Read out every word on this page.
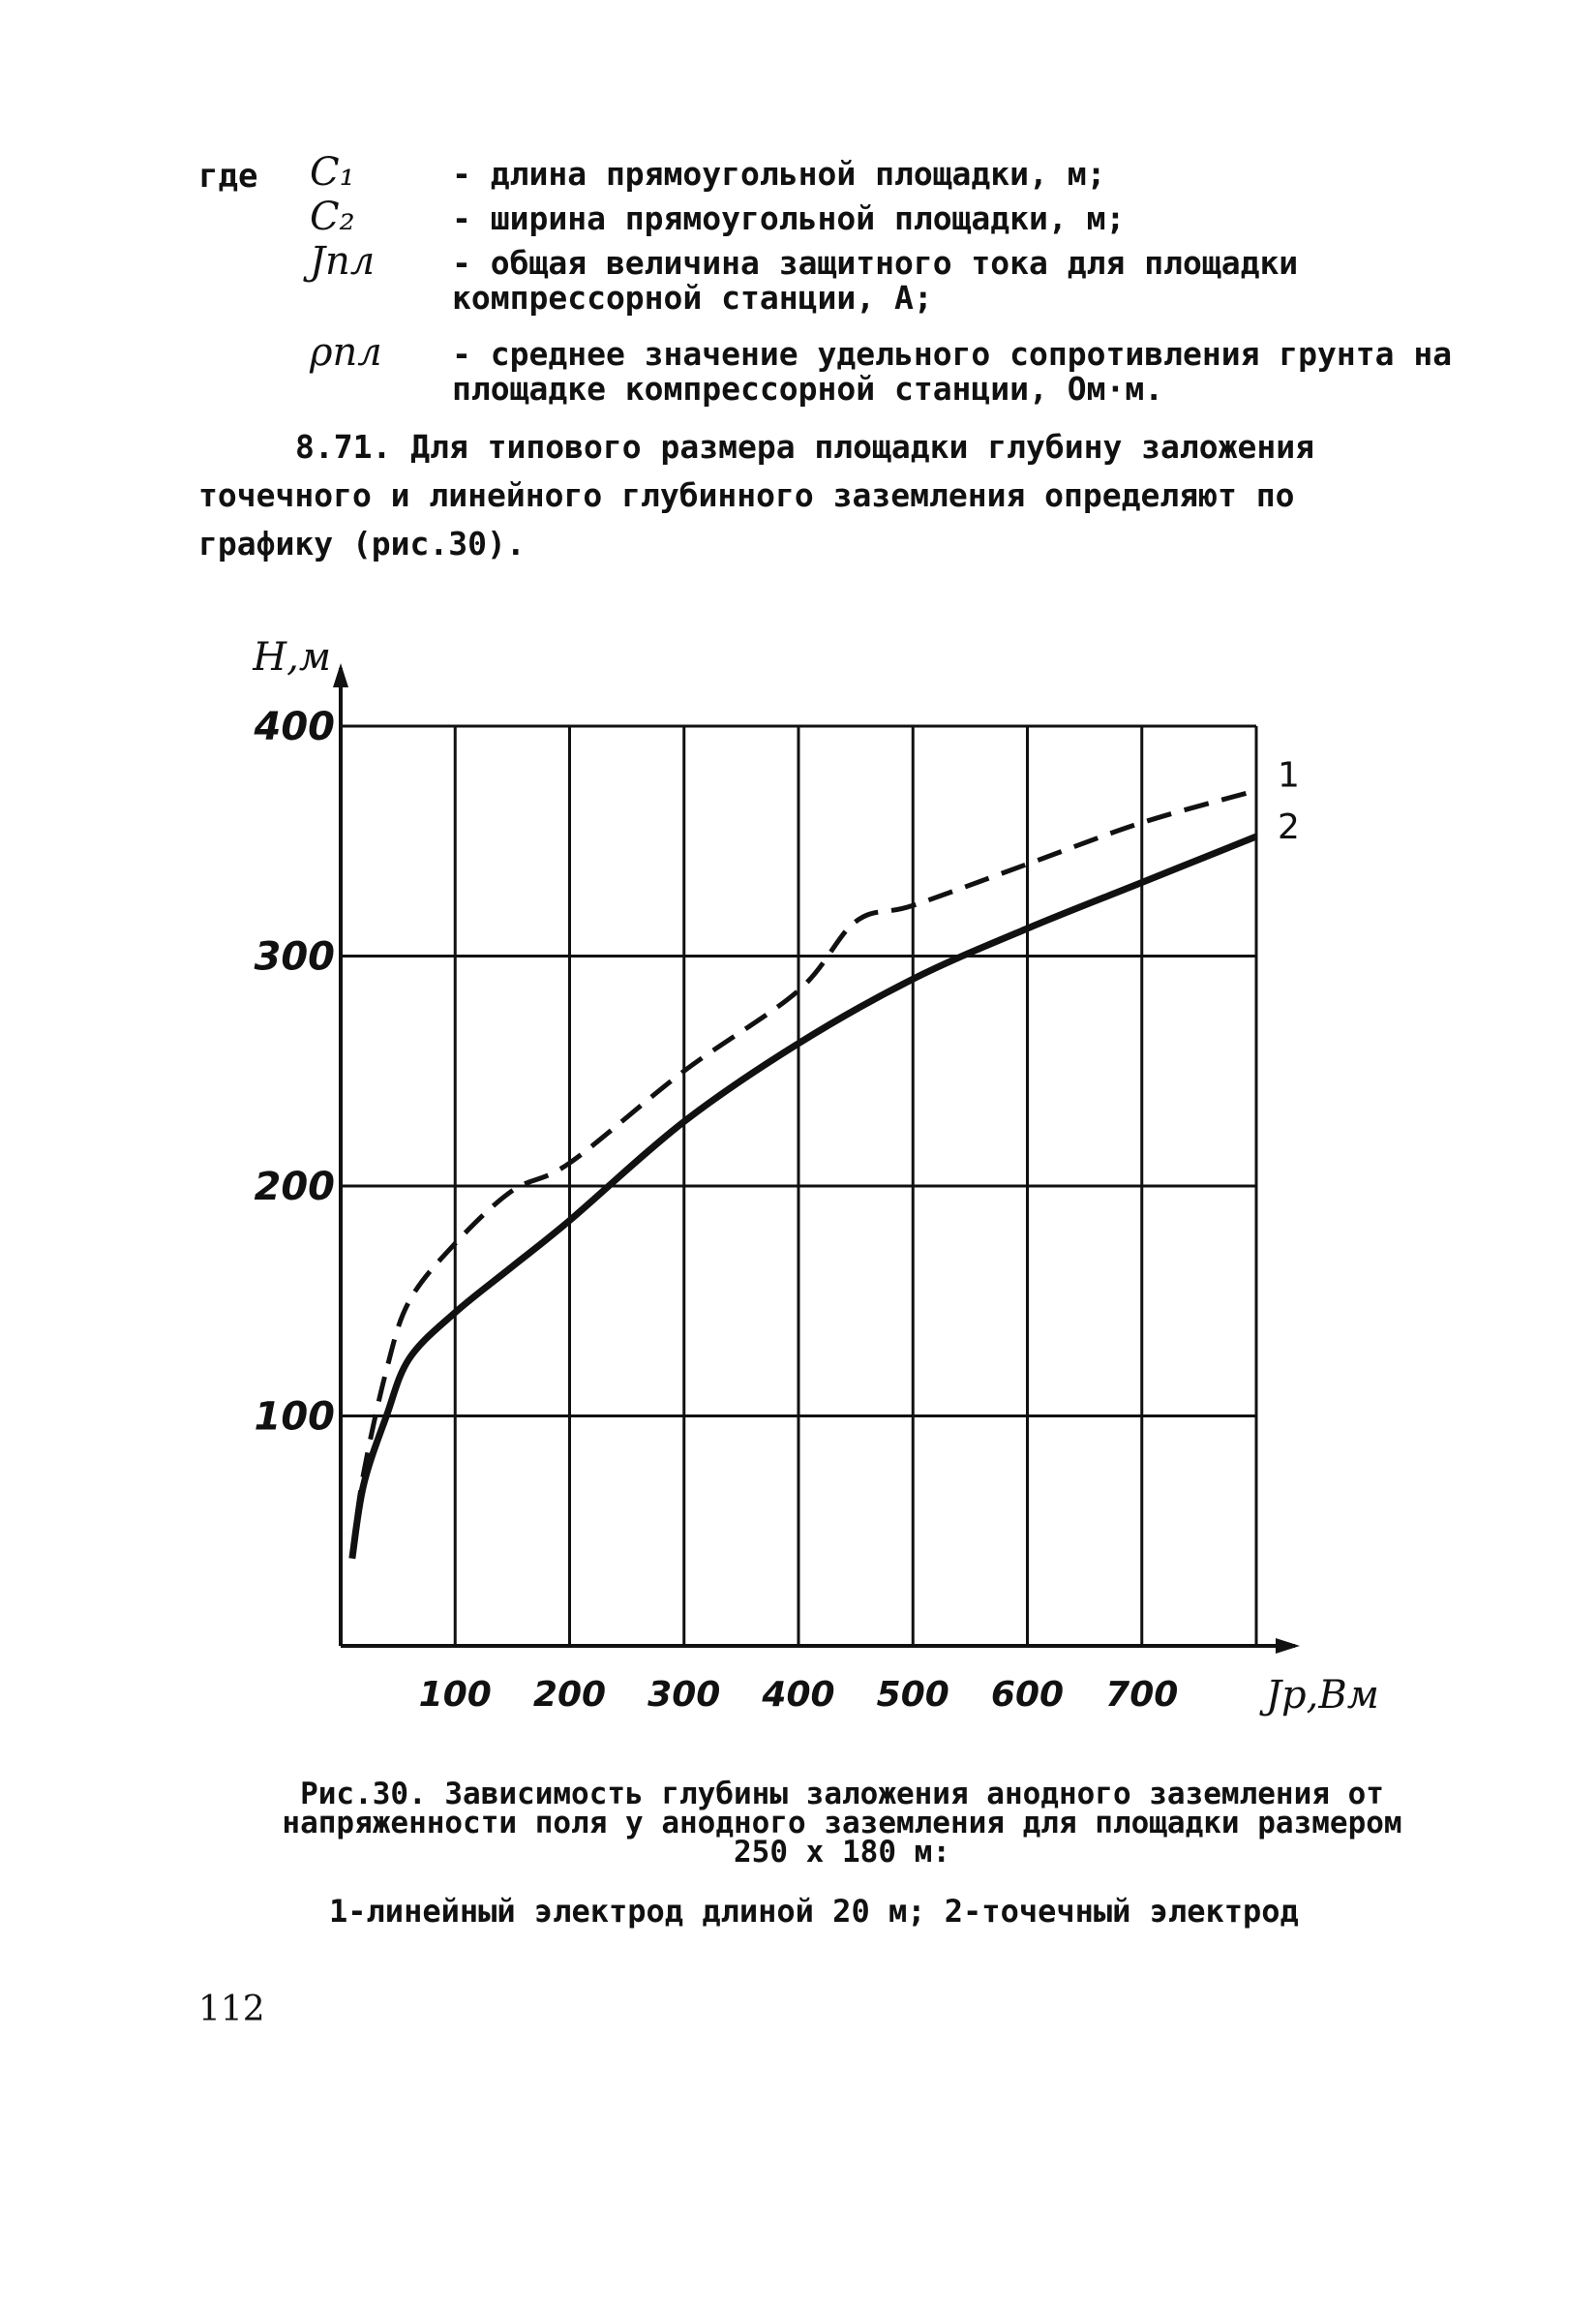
где	C₁	- длина прямоугольной площадки, м;
C₂	- ширина прямоугольной площадки, м;
Jпл	- общая величина защитного тока для площадки компрессорной станции, А;
ρпл	- среднее значение удельного сопротивления грунта на площадке компрессорной станции, Ом·м.
8.71. Для типового размера площадки глубину заложения точечного и линейного глубинного заземления определяют по графику (рис.30).
100
200
300
400
100 200 300 400 500 600 700
H,м
Jp,Вм
1
2
Рис.30. Зависимость глубины заложения анодного заземления от напряженности поля у анодного заземления для площадки размером 250 х 180 м:
1-линейный электрод длиной 20 м; 2-точечный электрод
112
